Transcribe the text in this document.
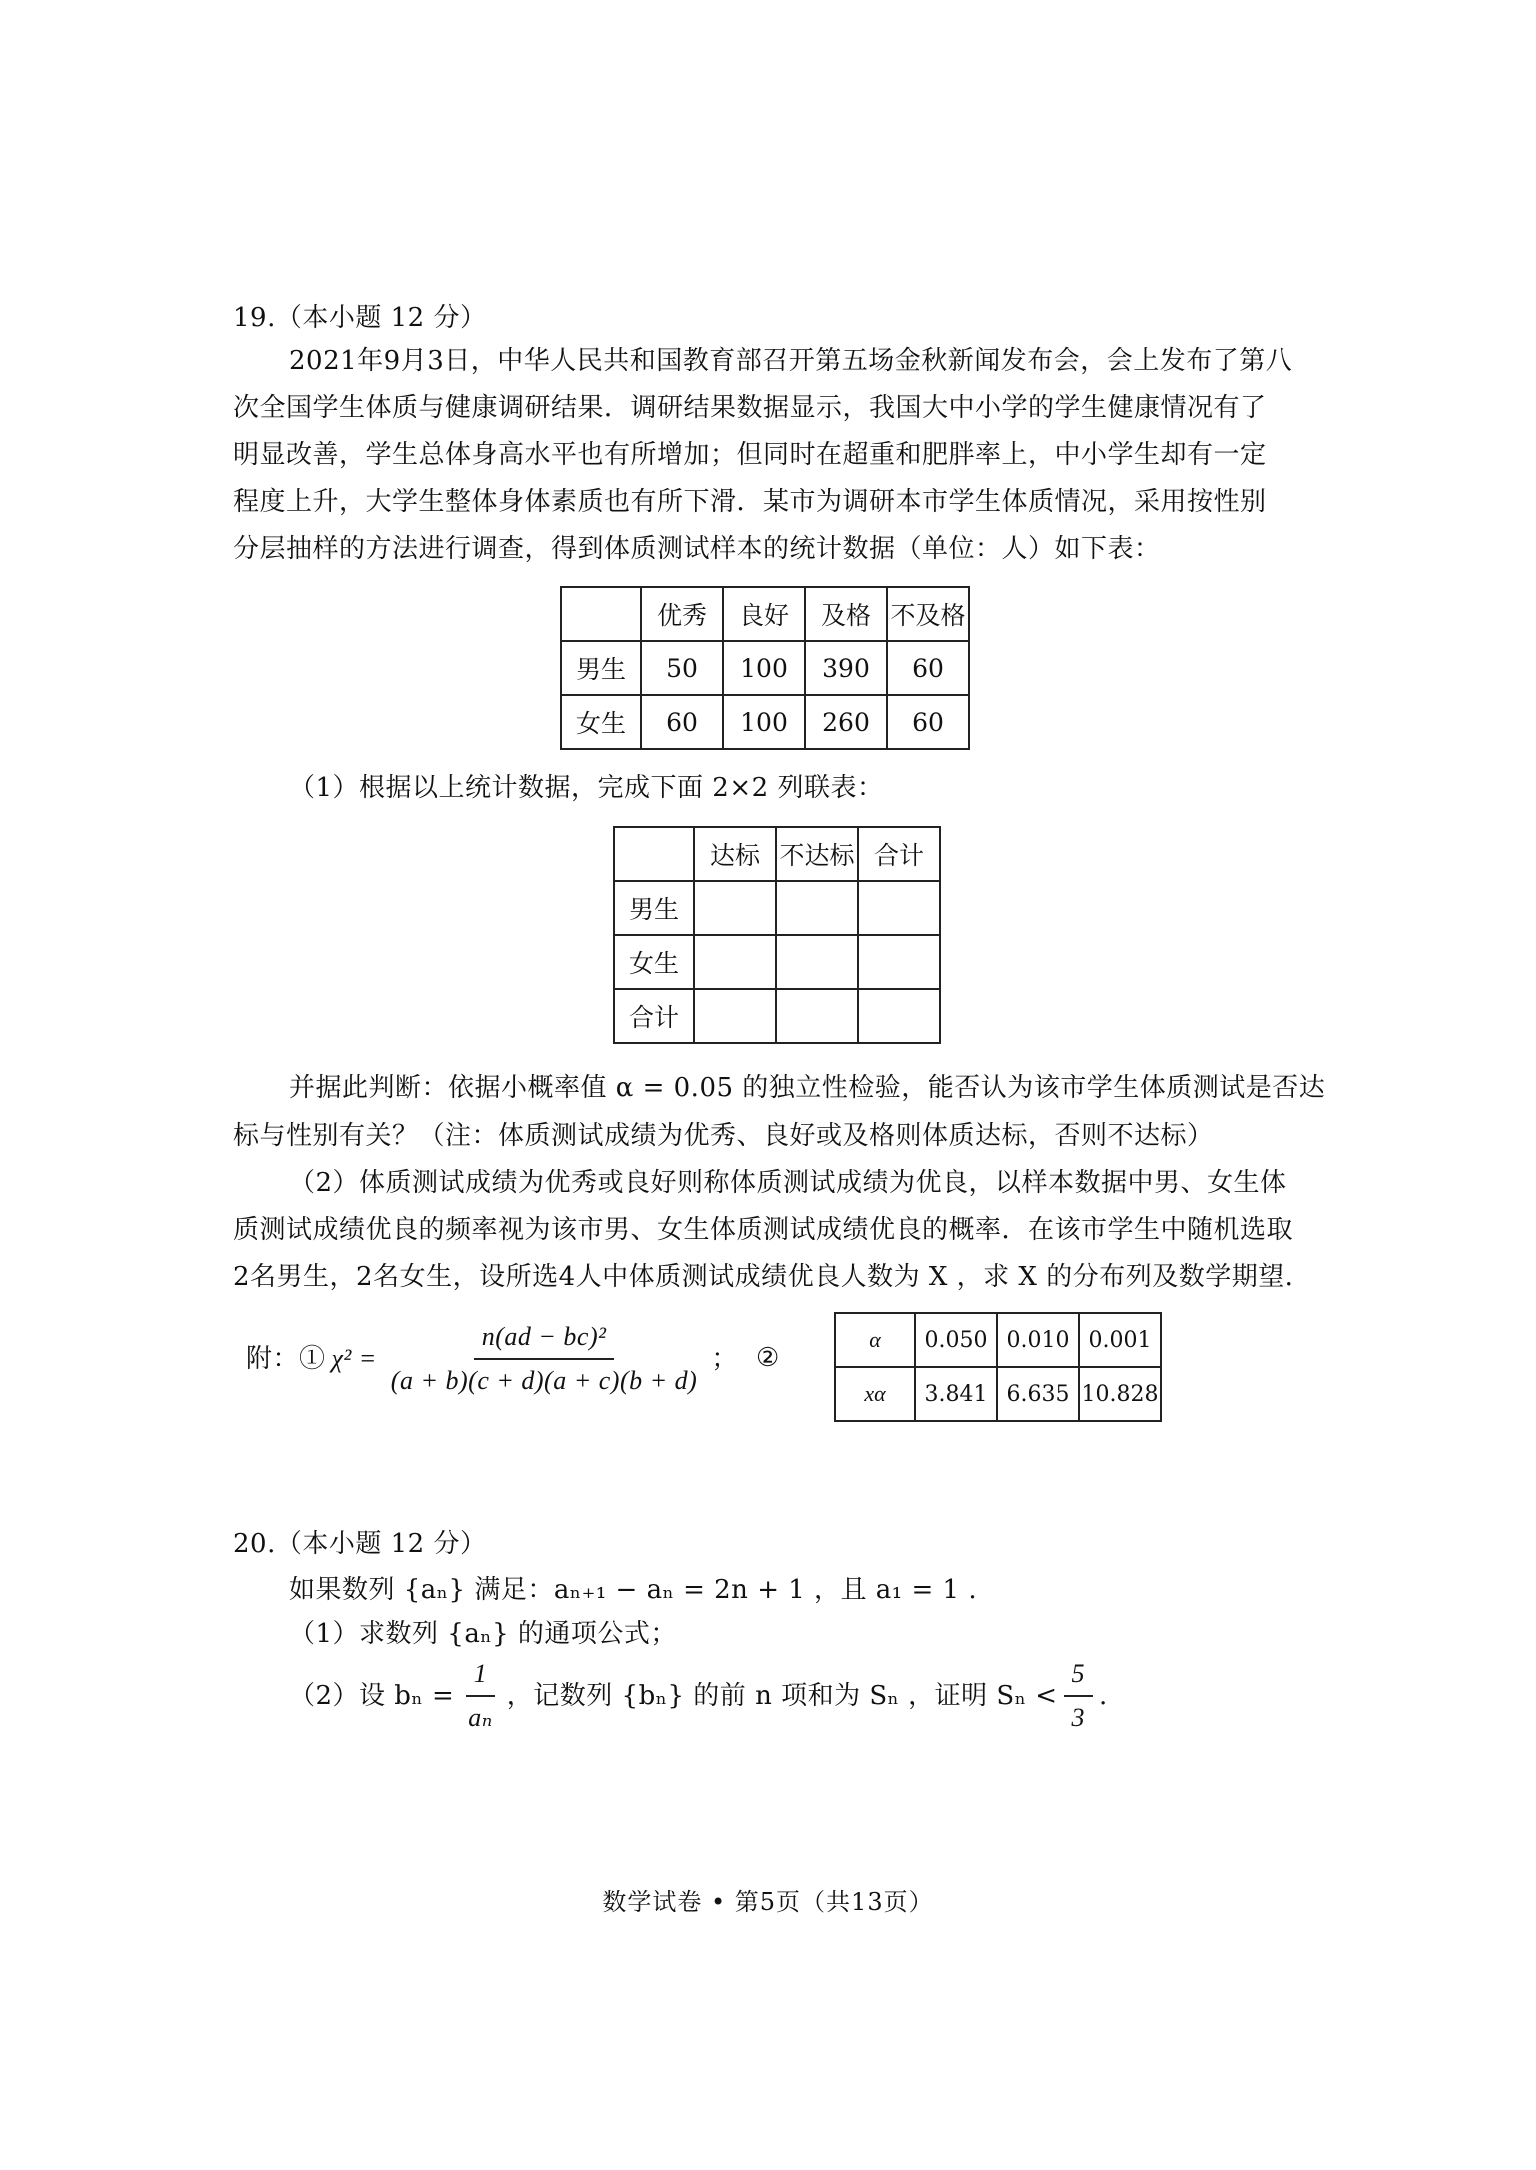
19.（本小题 12 分）
2021年9月3日，中华人民共和国教育部召开第五场金秋新闻发布会，会上发布了第八
次全国学生体质与健康调研结果．调研结果数据显示，我国大中小学的学生健康情况有了
明显改善，学生总体身高水平也有所增加；但同时在超重和肥胖率上，中小学生却有一定
程度上升，大学生整体身体素质也有所下滑．某市为调研本市学生体质情况，采用按性别
分层抽样的方法进行调查，得到体质测试样本的统计数据（单位：人）如下表：
	优秀	良好	及格	不及格
男生	50	100	390	60
女生	60	100	260	60
（1）根据以上统计数据，完成下面 2×2 列联表：
	达标	不达标	合计
男生			
女生			
合计			
并据此判断：依据小概率值 α = 0.05 的独立性检验，能否认为该市学生体质测试是否达
标与性别有关？（注：体质测试成绩为优秀、良好或及格则体质达标，否则不达标）
（2）体质测试成绩为优秀或良好则称体质测试成绩为优良，以样本数据中男、女生体
质测试成绩优良的频率视为该市男、女生体质测试成绩优良的概率．在该市学生中随机选取
2名男生，2名女生，设所选4人中体质测试成绩优良人数为 X ，求 X 的分布列及数学期望．
附：① $\chi^2 = \frac{\text{n(ad − bc)²}}{(a + b)(c + d)(a + c)(b + d)}$ ； ②
α	0.050	0.010	0.001
xα	3.841	6.635	10.828
20.（本小题 12 分）
如果数列 {aₙ} 满足：aₙ₊₁ − aₙ = 2n + 1 ，且 a₁ = 1 .
（1）求数列 {aₙ} 的通项公式；
（2）设 $b_n = \frac{1}{\text{aₙ}}$ ，记数列 {bₙ} 的前 n 项和为 Sₙ ，证明 $S_n < \frac{5}{3}$ .
数学试卷 • 第5页（共13页）
